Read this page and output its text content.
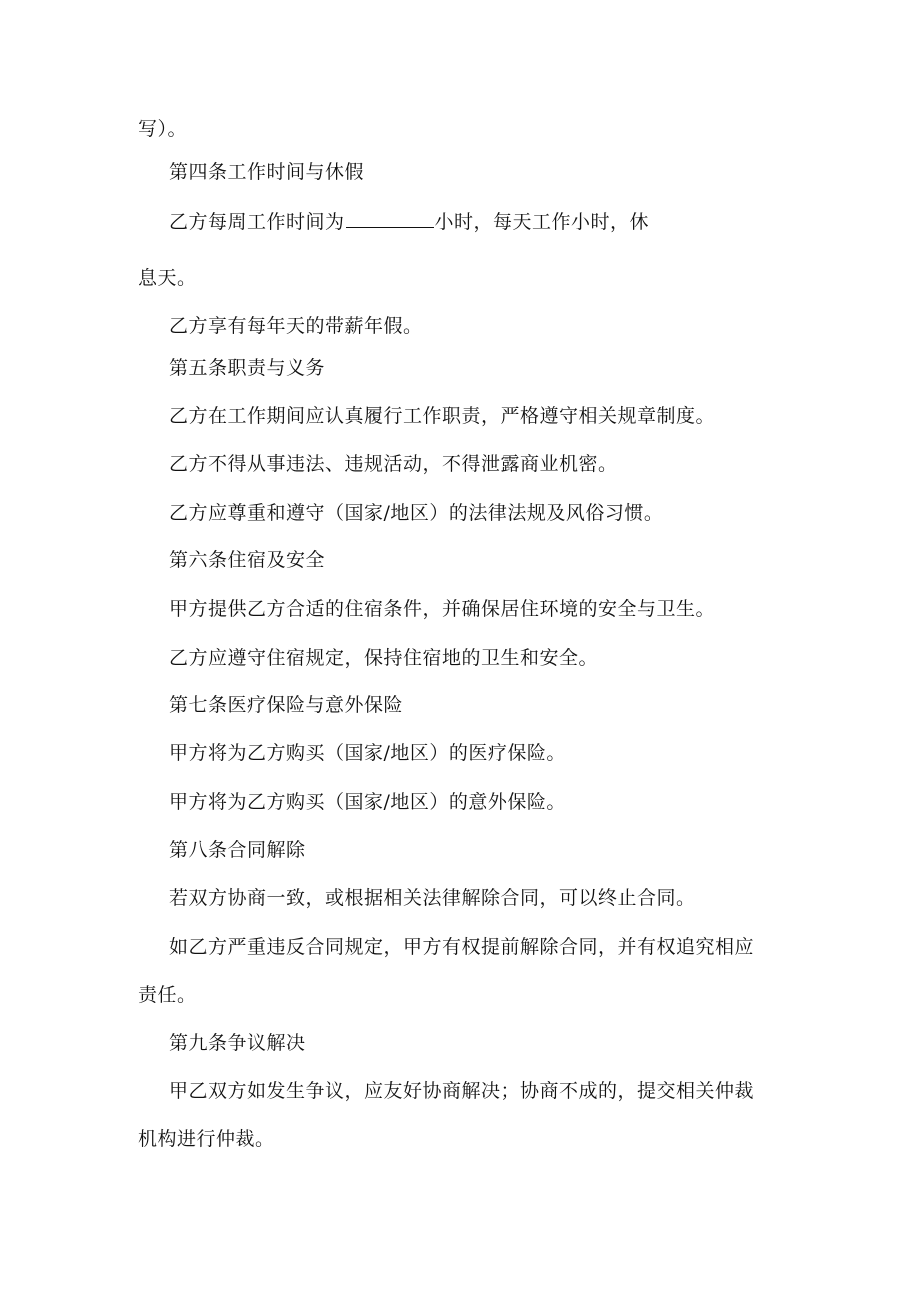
写）。
第四条工作时间与休假
乙方每周工作时间为	小时，每天工作小时，休
息天。
乙方享有每年天的带薪年假。
第五条职责与义务
乙方在工作期间应认真履行工作职责，严格遵守相关规章制度。
乙方不得从事违法、违规活动，不得泄露商业机密。
乙方应尊重和遵守（国家/地区）的法律法规及风俗习惯。
第六条住宿及安全
甲方提供乙方合适的住宿条件，并确保居住环境的安全与卫生。
乙方应遵守住宿规定，保持住宿地的卫生和安全。
第七条医疗保险与意外保险
甲方将为乙方购买（国家/地区）的医疗保险。
甲方将为乙方购买（国家/地区）的意外保险。
第八条合同解除
若双方协商一致，或根据相关法律解除合同，可以终止合同。
如乙方严重违反合同规定，甲方有权提前解除合同，并有权追究相应
责任。
第九条争议解决
甲乙双方如发生争议，应友好协商解决；协商不成的，提交相关仲裁
机构进行仲裁。
